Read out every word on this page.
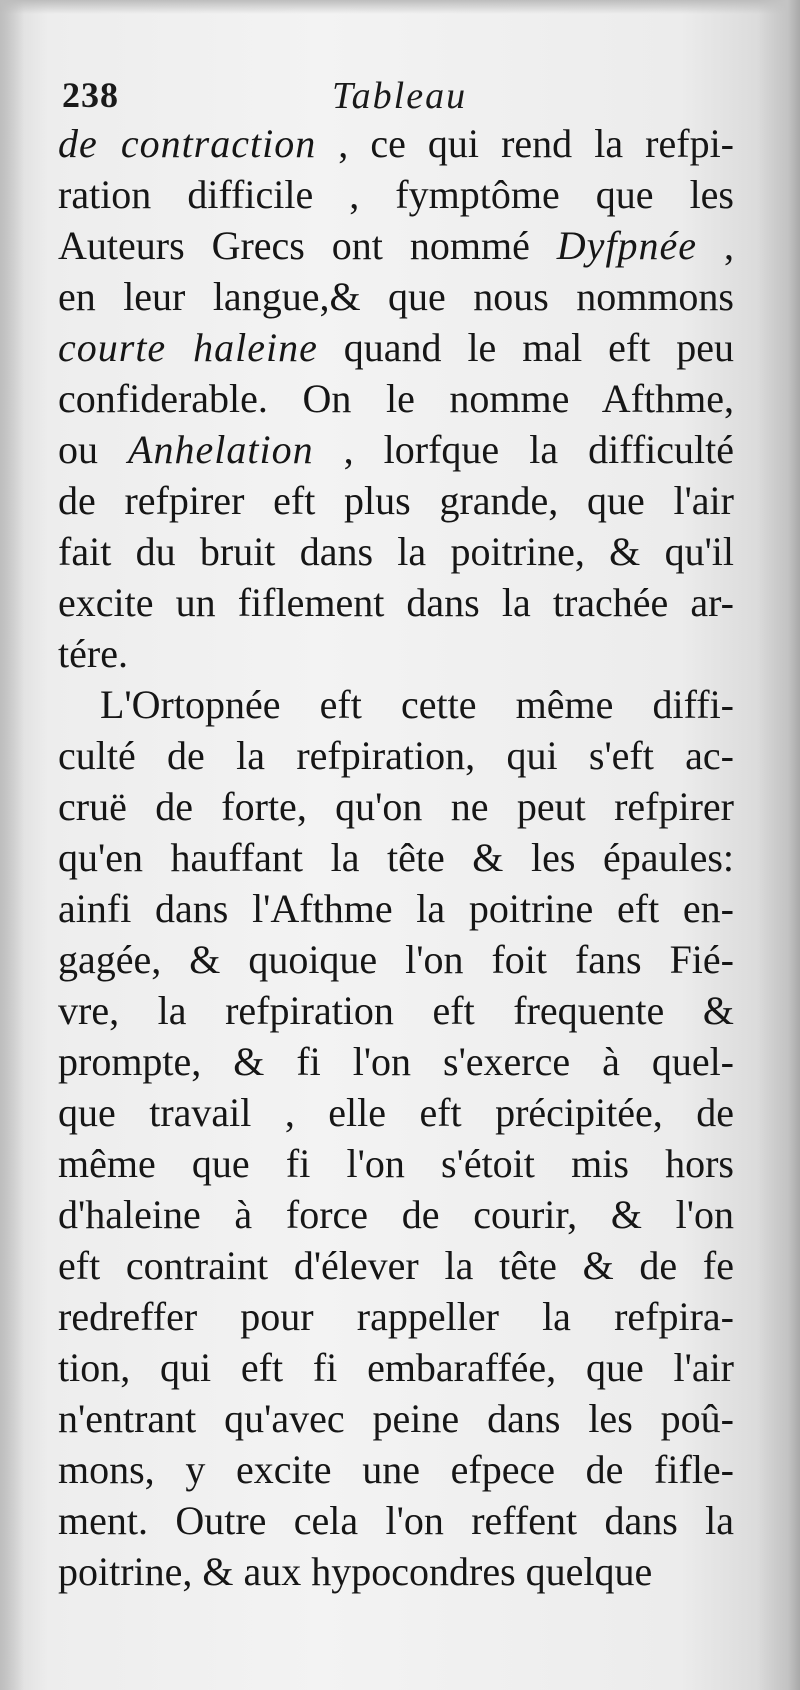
238	Tableau
de contraction , ce qui rend la refpi-
ration difficile , fymptôme que les
Auteurs Grecs ont nommé Dyfpnée ,
en leur langue,& que nous nommons
courte haleine quand le mal eft peu
confiderable. On le nomme Afthme,
ou Anhelation , lorfque la difficulté
de refpirer eft plus grande, que l'air
fait du bruit dans la poitrine, & qu'il
excite un fiflement dans la trachée ar-
tére.
L'Ortopnée eft cette même diffi-
culté de la refpiration, qui s'eft ac-
cruë de forte, qu'on ne peut refpirer
qu'en hauffant la tête & les épaules:
ainfi dans l'Afthme la poitrine eft en-
gagée, & quoique l'on foit fans Fié-
vre, la refpiration eft frequente &
prompte, & fi l'on s'exerce à quel-
que travail , elle eft précipitée, de
même que fi l'on s'étoit mis hors
d'haleine à force de courir, & l'on
eft contraint d'élever la tête & de fe
redreffer pour rappeller la refpira-
tion, qui eft fi embaraffée, que l'air
n'entrant qu'avec peine dans les poû-
mons, y excite une efpece de fifle-
ment. Outre cela l'on reffent dans la
poitrine, & aux hypocondres quelque
